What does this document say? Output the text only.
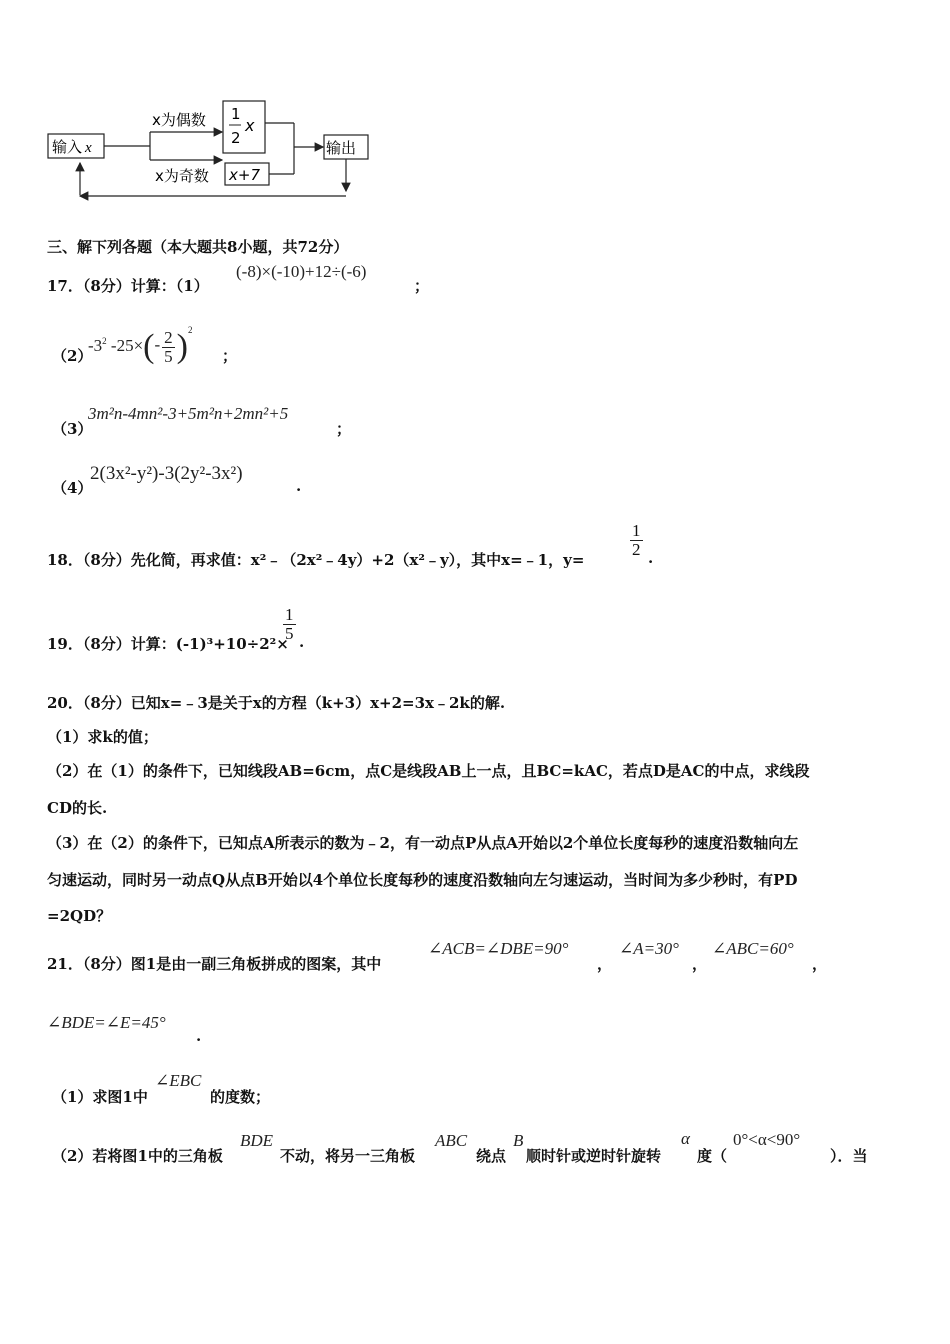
输入 x
x为偶数
x为奇数
1
2
x
x+7
输出
三、解下列各题（本大题共8小题，共72分）
17．（8分）计算：（1）
(-8)×(-10)+12÷(-6)
；
（2）
$-3^2$ $-25\times(- \frac{2}{5} )^2$
；
（3）
3m²n-4mn²-3+5m²n+2mn²+5
；
（4）
2(3x²-y²)-3(2y²-3x²)
.
18．（8分）先化简，再求值：x²﹣（2x²﹣4y）+2（x²﹣y），其中x=﹣1，y=
$\frac{1}{2}$ .
19．（8分）计算：(-1)³+10÷2²×
$\frac{1}{5}$ .
20．（8分）已知x=﹣3是关于x的方程（k+3）x+2=3x﹣2k的解.
（1）求k的值；
（2）在（1）的条件下，已知线段AB=6cm，点C是线段AB上一点，且BC=kAC，若点D是AC的中点，求线段
CD的长.
（3）在（2）的条件下，已知点A所表示的数为﹣2，有一动点P从点A开始以2个单位长度每秒的速度沿数轴向左
匀速运动，同时另一动点Q从点B开始以4个单位长度每秒的速度沿数轴向左匀速运动，当时间为多少秒时，有PD
=2QD？
21．（8分）图1是由一副三角板拼成的图案，其中
∠ACB=∠DBE=90°
，
∠A=30°
，
∠ABC=60°
，
∠BDE=∠E=45°
.
（1）求图1中
∠EBC
的度数；
（2）若将图1中的三角板
BDE
不动，将另一三角板
ABC
绕点
B
顺时针或逆时针旋转
α
度（
0°<α<90°
）．当
